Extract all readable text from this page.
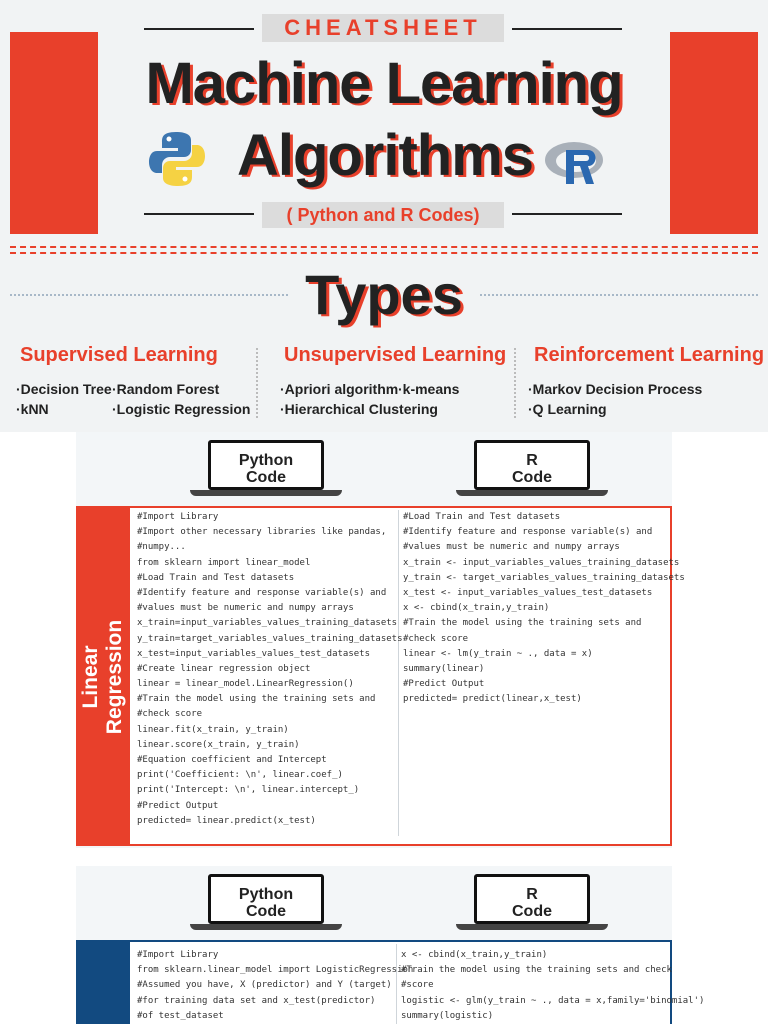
CHEATSHEET
Machine Learning
Algorithms
( Python and R Codes)
Types
Supervised Learning
·Decision Tree ·Random Forest
·kNN	·Logistic Regression
Unsupervised Learning
·Apriori algorithm ·k-means
·Hierarchical Clustering
Reinforcement Learning
·Markov Decision Process
·Q Learning
Python
Code
R
Code
Linear
Regression
#Import Library
#Import other necessary libraries like pandas,
#numpy...
from sklearn import linear_model
#Load Train and Test datasets
#Identify feature and response variable(s) and
#values must be numeric and numpy arrays
x_train=input_variables_values_training_datasets
y_train=target_variables_values_training_datasets
x_test=input_variables_values_test_datasets
#Create linear regression object
linear = linear_model.LinearRegression()
#Train the model using the training sets and
#check score
linear.fit(x_train, y_train)
linear.score(x_train, y_train)
#Equation coefficient and Intercept
print('Coefficient: \n', linear.coef_)
print('Intercept: \n', linear.intercept_)
#Predict Output
predicted= linear.predict(x_test)
#Load Train and Test datasets
#Identify feature and response variable(s) and
#values must be numeric and numpy arrays
x_train <- input_variables_values_training_datasets
y_train <- target_variables_values_training_datasets
x_test <- input_variables_values_test_datasets
x <- cbind(x_train,y_train)
#Train the model using the training sets and
#check score
linear <- lm(y_train ~ ., data = x)
summary(linear)
#Predict Output
predicted= predict(linear,x_test)
Python
Code
R
Code
#Import Library
from sklearn.linear_model import LogisticRegression
#Assumed you have, X (predictor) and Y (target)
#for training data set and x_test(predictor)
#of test_dataset
x <- cbind(x_train,y_train)
#Train the model using the training sets and check
#score
logistic <- glm(y_train ~ ., data = x,family='binomial')
summary(logistic)
